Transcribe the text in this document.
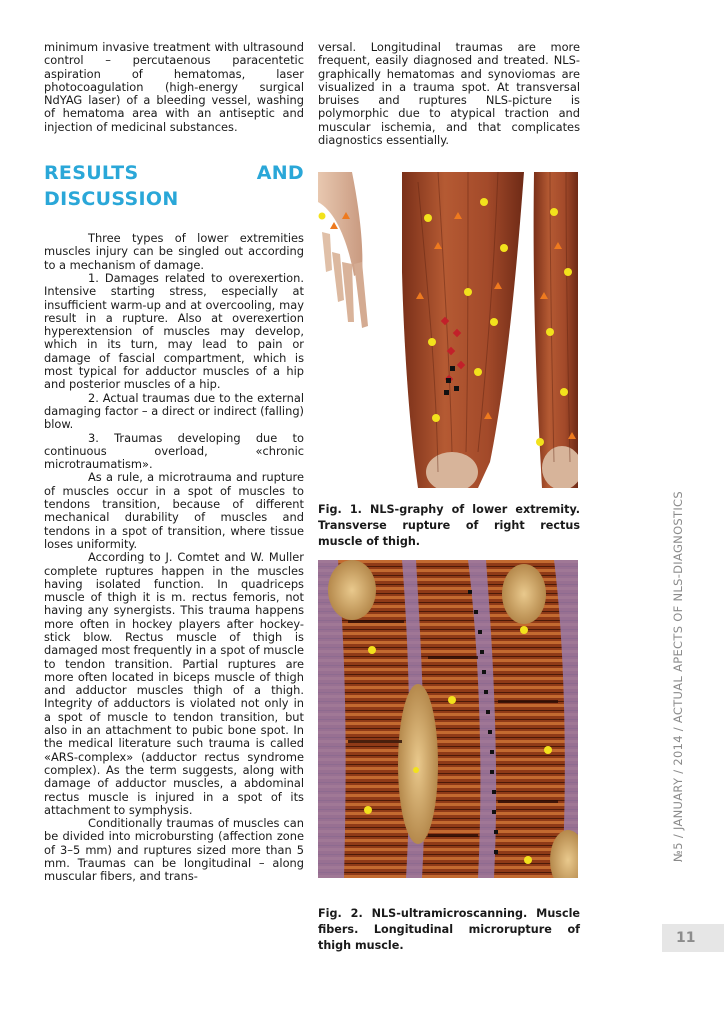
minimum invasive treatment with ultrasound control – percutaenous paracentetic aspiration of hematomas, laser photocoagulation (high-energy surgical NdYAG laser) of a bleeding vessel, washing of hematoma area with an antiseptic and injection of medicinal substances.

RESULTS AND DISCUSSION

Three types of lower extremities muscles injury can be singled out according to a mechanism of damage.

1. Damages related to overexertion. Intensive starting stress, especially at insufficient warm-up and at overcooling, may result in a rupture. Also at overexertion hyperextension of muscles may develop, which in its turn, may lead to pain or damage of fascial compartment, which is most typical for adductor muscles of a hip and posterior muscles of a hip.

2. Actual traumas due to the external damaging factor – a direct or indirect (falling) blow.

3. Traumas developing due to continuous overload, «chronic microtraumatism».

As a rule, a microtrauma and rupture of muscles occur in a spot of muscles to tendons transition, because of different mechanical durability of muscles and tendons in a spot of transition, where tissue loses uniformity.

According to J. Comtet and W. Muller complete ruptures happen in the muscles having isolated function. In quadriceps muscle of thigh it is m. rectus femoris, not having any synergists. This trauma happens more often in hockey players after hockey-stick blow. Rectus muscle of thigh is damaged most frequently in a spot of muscle to tendon transition. Partial ruptures are more often located in biceps muscle of thigh and adductor muscles thigh of a thigh. Integrity of adductors is violated not only in a spot of muscle to tendon transition, but also in an attachment to pubic bone spot. In the medical literature such trauma is called «ARS-complex» (adductor rectus syndrome complex). As the term suggests, along with damage of adductor muscles, a abdominal rectus muscle is injured in a spot of its attachment to symphysis.

Conditionally traumas of muscles can be divided into microbursting (affection zone of 3–5 mm) and ruptures sized more than 5 mm. Traumas can be longitudinal – along muscular fibers, and trans-

versal. Longitudinal traumas are more frequent, easily diagnosed and treated. NLS-graphically hematomas and synoviomas are visualized in a trauma spot. At transversal bruises and ruptures NLS-picture is polymorphic due to atypical traction and muscular ischemia, and that complicates diagnostics essentially.

Fig. 1. NLS-graphy of lower extremity. Transverse rupture of right rectus muscle of thigh.
Fig. 2. NLS-ultramicroscanning. Muscle fibers. Longitudinal microrupture of thigh muscle.
№5 / JANUARY / 2014 / ACTUAL APECTS OF NLS-DIAGNOSTICS
11
